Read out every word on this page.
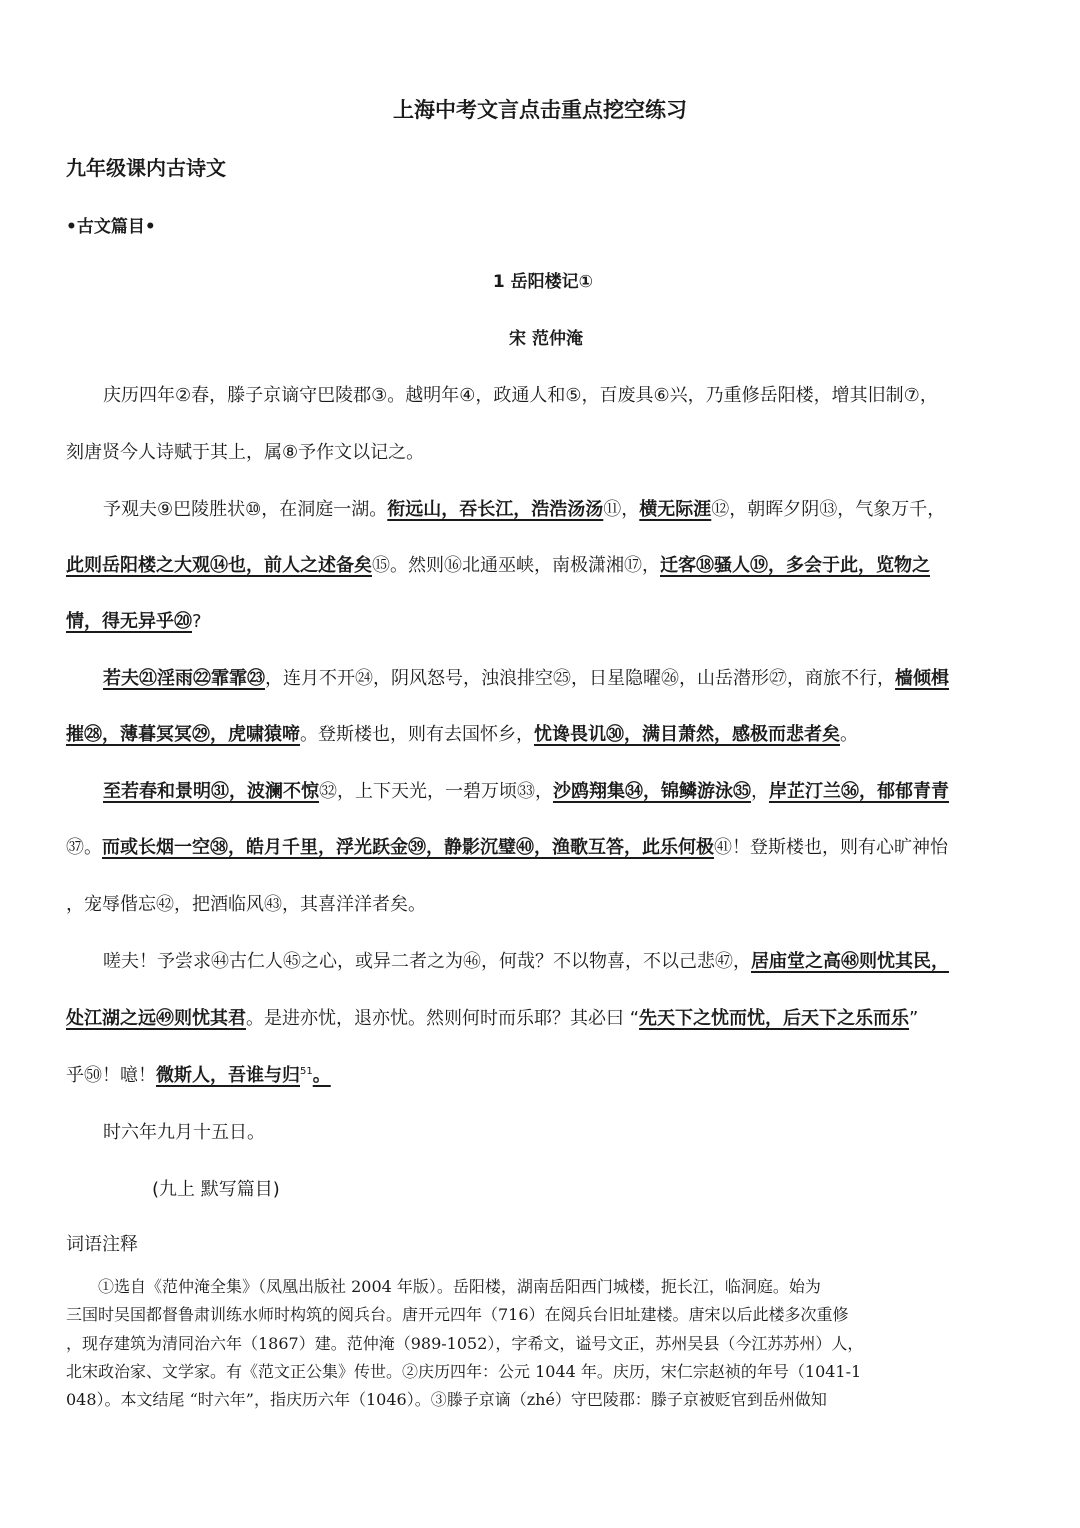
上海中考文言点击重点挖空练习
九年级课内古诗文
•古文篇目•
1 岳阳楼记①
宋 范仲淹
庆历四年②春，滕子京谪守巴陵郡③。越明年④，政通人和⑤，百废具⑥兴，乃重修岳阳楼，增其旧制⑦，
刻唐贤今人诗赋于其上，属⑧予作文以记之。
予观夫⑨巴陵胜状⑩，在洞庭一湖。衔远山，吞长江，浩浩汤汤⑪，横无际涯⑫，朝晖夕阴⑬，气象万千，
此则岳阳楼之大观⑭也，前人之述备矣⑮。然则⑯北通巫峡，南极潇湘⑰，迁客⑱骚人⑲，多会于此，览物之
情，得无异乎⑳?
若夫㉑淫雨㉒霏霏㉓，连月不开㉔，阴风怒号，浊浪排空㉕，日星隐曜㉖，山岳潜形㉗，商旅不行，樯倾楫
摧㉘，薄暮冥冥㉙，虎啸猿啼。登斯楼也，则有去国怀乡，忧谗畏讥㉚，满目萧然，感极而悲者矣。
至若春和景明㉛，波澜不惊㉜，上下天光，一碧万顷㉝，沙鸥翔集㉞，锦鳞游泳㉟，岸芷汀兰㊱，郁郁青青
㊲。而或长烟一空㊳，皓月千里，浮光跃金㊴，静影沉璧㊵，渔歌互答，此乐何极㊶！登斯楼也，则有心旷神怡
，宠辱偕忘㊷，把酒临风㊸，其喜洋洋者矣。
嗟夫！予尝求㊹古仁人㊺之心，或异二者之为㊻，何哉？不以物喜，不以己悲㊼，居庙堂之高㊽则忧其民，
处江湖之远㊾则忧其君。是进亦忧，退亦忧。然则何时而乐耶？其必曰 “先天下之忧而忧，后天下之乐而乐”
乎㊿！噫！微斯人，吾谁与归$^{51}$。
时六年九月十五日。
(九上 默写篇目)
词语注释
①选自《范仲淹全集》（凤凰出版社 2004 年版）。岳阳楼，湖南岳阳西门城楼，扼长江，临洞庭。始为
三国时吴国都督鲁肃训练水师时构筑的阅兵台。唐开元四年（716）在阅兵台旧址建楼。唐宋以后此楼多次重修
，现存建筑为清同治六年（1867）建。范仲淹（989-1052），字希文，谥号文正，苏州吴县（今江苏苏州）人，
北宋政治家、文学家。有《范文正公集》传世。②庆历四年：公元 1044 年。庆历，宋仁宗赵祯的年号（1041-1
048）。本文结尾 “时六年”，指庆历六年（1046）。③滕子京谪（zhé）守巴陵郡：滕子京被贬官到岳州做知
